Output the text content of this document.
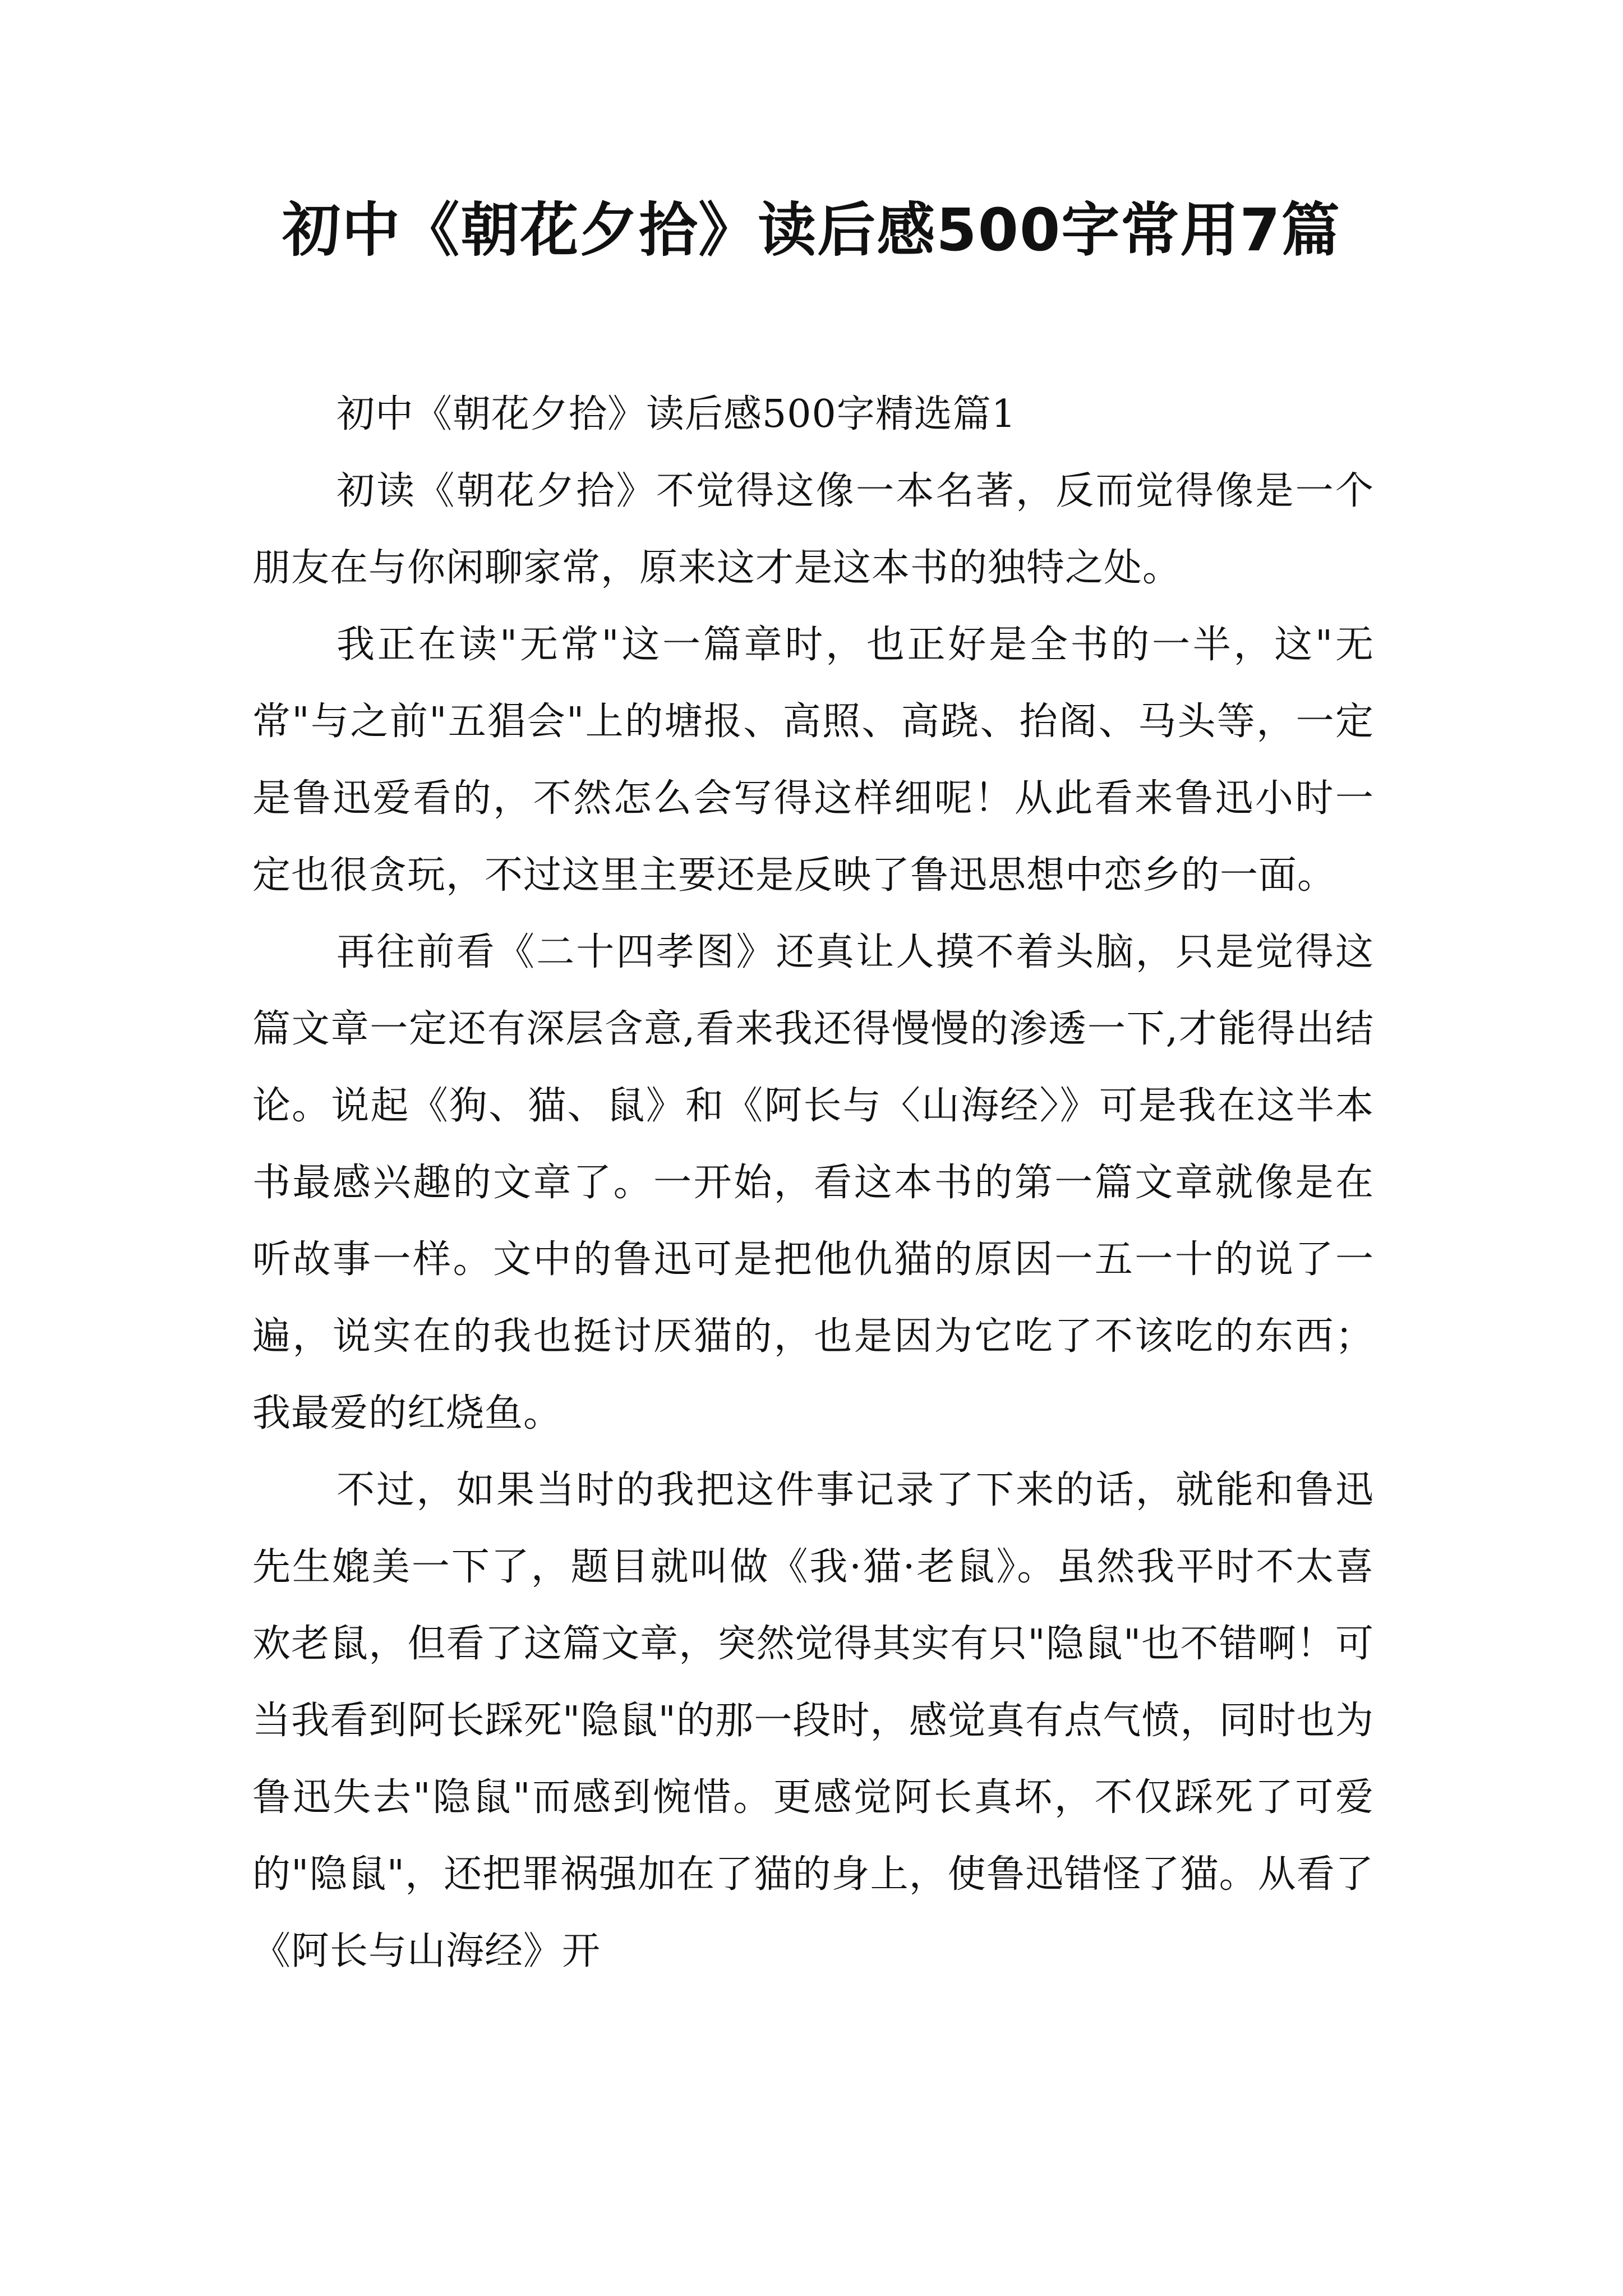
初中《朝花夕拾》读后感500字常用7篇

初中《朝花夕拾》读后感500字精选篇1

初读《朝花夕拾》不觉得这像一本名著，反而觉得像是一个朋友在与你闲聊家常，原来这才是这本书的独特之处。

我正在读"无常"这一篇章时，也正好是全书的一半，这"无常"与之前"五猖会"上的塘报、高照、高跷、抬阁、马头等，一定是鲁迅爱看的，不然怎么会写得这样细呢！从此看来鲁迅小时一定也很贪玩，不过这里主要还是反映了鲁迅思想中恋乡的一面。

再往前看《二十四孝图》还真让人摸不着头脑，只是觉得这篇文章一定还有深层含意,看来我还得慢慢的渗透一下,才能得出结论。说起《狗、猫、鼠》和《阿长与〈山海经〉》可是我在这半本书最感兴趣的文章了。一开始，看这本书的第一篇文章就像是在听故事一样。文中的鲁迅可是把他仇猫的原因一五一十的说了一遍，说实在的我也挺讨厌猫的，也是因为它吃了不该吃的东西；我最爱的红烧鱼。

不过，如果当时的我把这件事记录了下来的话，就能和鲁迅先生媲美一下了，题目就叫做《我·猫·老鼠》。虽然我平时不太喜欢老鼠，但看了这篇文章，突然觉得其实有只"隐鼠"也不错啊！可当我看到阿长踩死"隐鼠"的那一段时，感觉真有点气愤，同时也为鲁迅失去"隐鼠"而感到惋惜。更感觉阿长真坏，不仅踩死了可爱的"隐鼠"，还把罪祸强加在了猫的身上，使鲁迅错怪了猫。从看了《阿长与山海经》开
